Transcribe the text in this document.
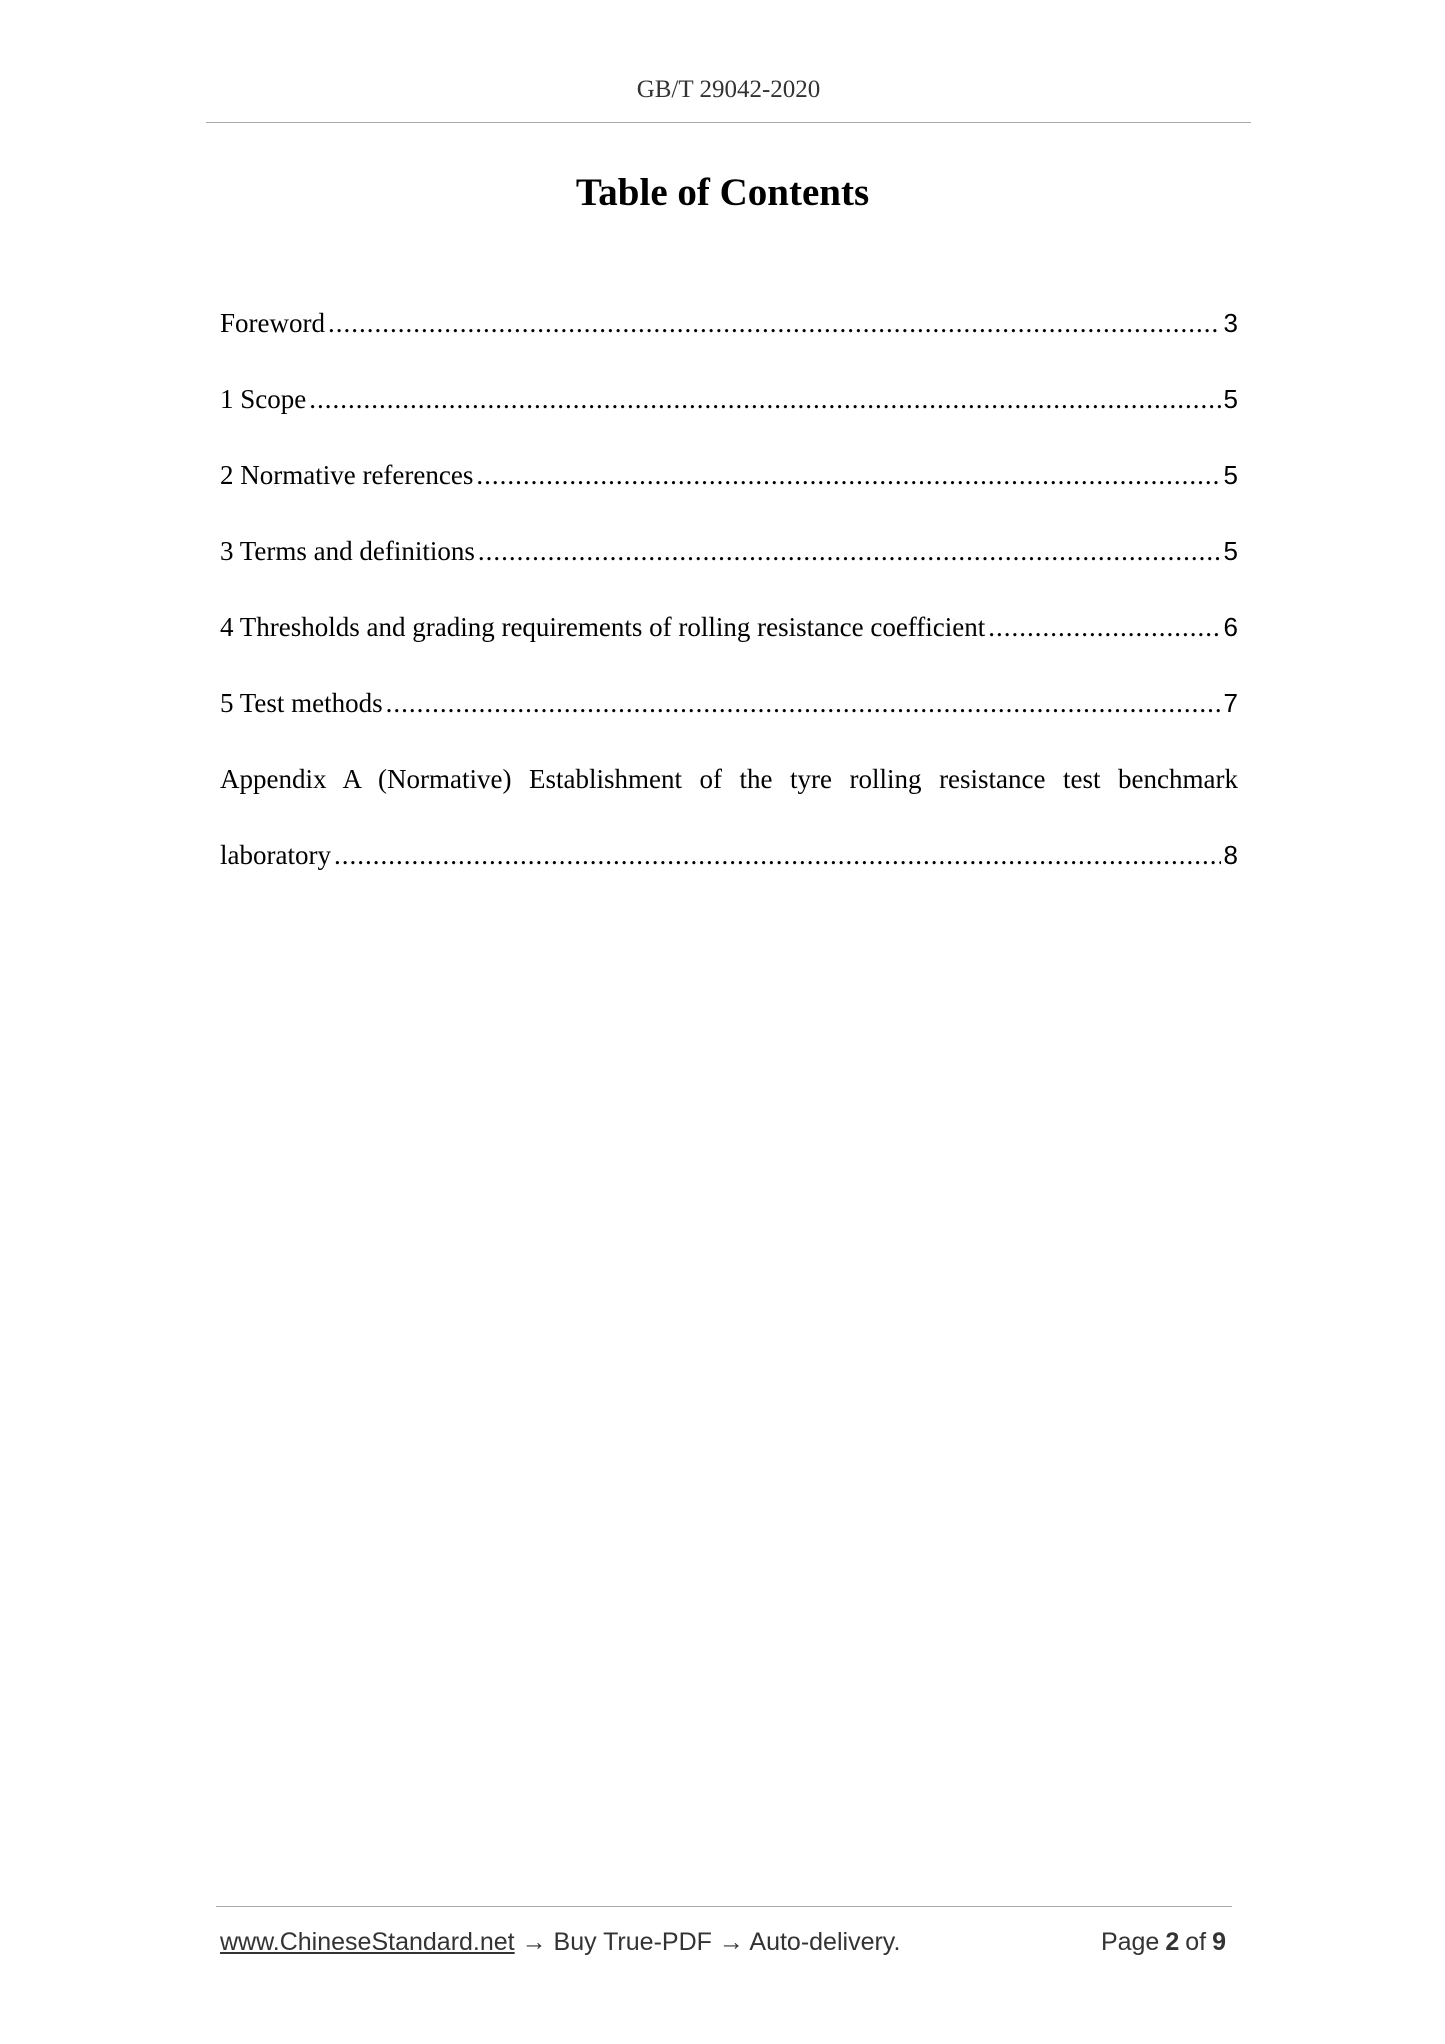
GB/T 29042-2020
Table of Contents
Foreword .....	3
1 Scope .....	5
2 Normative references .....	5
3 Terms and definitions .....	5
4 Thresholds and grading requirements of rolling resistance coefficient .....	6
5 Test methods .....	7
Appendix A (Normative) Establishment of the tyre rolling resistance test benchmark
laboratory .....	8
www.ChineseStandard.net → Buy True-PDF → Auto-delivery.	Page 2 of 9
